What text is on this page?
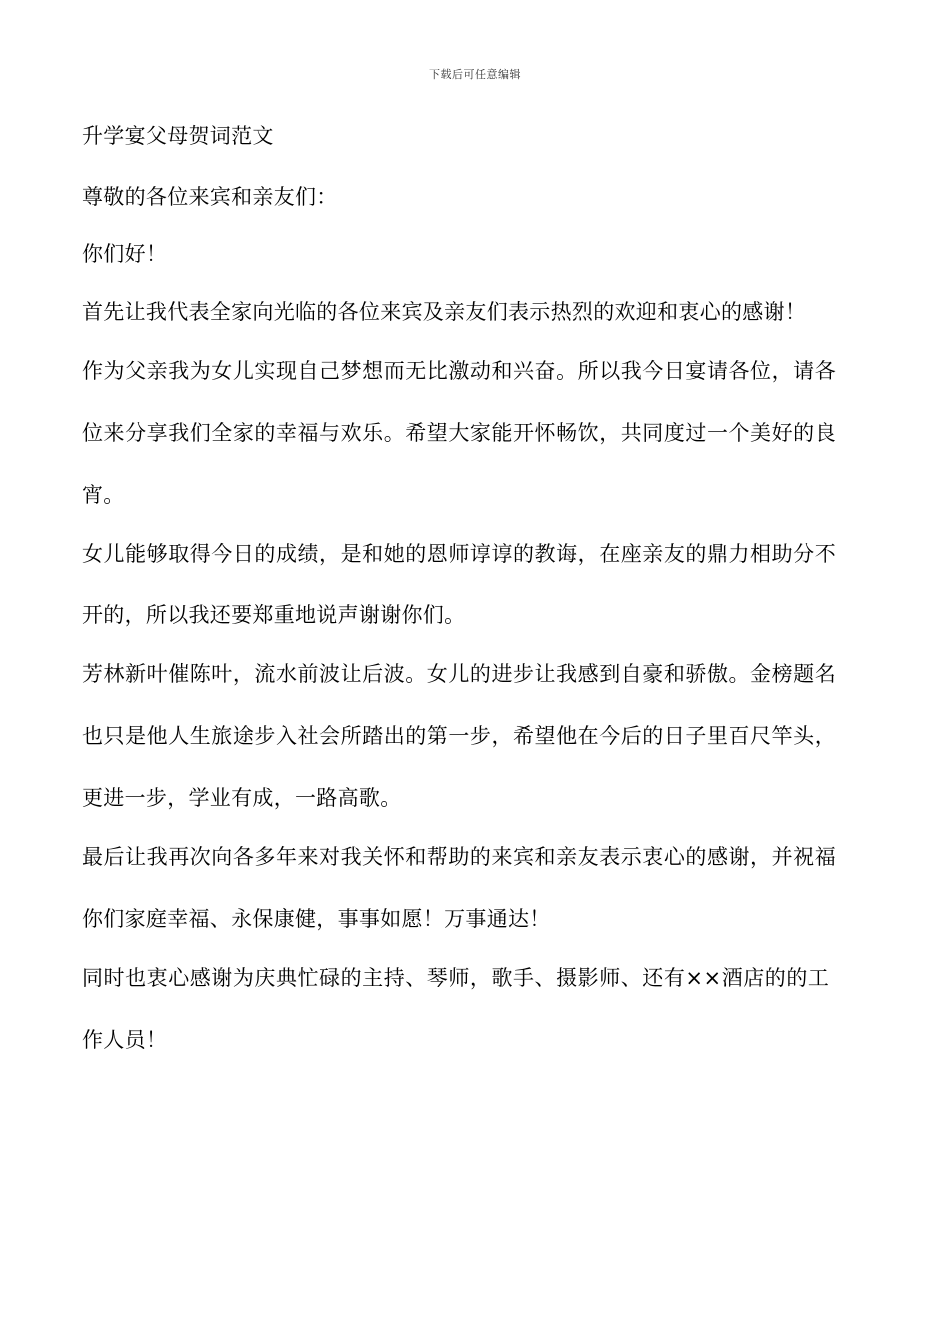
下载后可任意编辑
升学宴父母贺词范文
尊敬的各位来宾和亲友们：
你们好！
首先让我代表全家向光临的各位来宾及亲友们表示热烈的欢迎和衷心的感谢！
作为父亲我为女儿实现自己梦想而无比激动和兴奋。所以我今日宴请各位，请各
位来分享我们全家的幸福与欢乐。希望大家能开怀畅饮，共同度过一个美好的良
宵。
女儿能够取得今日的成绩，是和她的恩师谆谆的教诲，在座亲友的鼎力相助分不
开的，所以我还要郑重地说声谢谢你们。
芳林新叶催陈叶，流水前波让后波。女儿的进步让我感到自豪和骄傲。金榜题名
也只是他人生旅途步入社会所踏出的第一步，希望他在今后的日子里百尺竿头，
更进一步，学业有成，一路高歌。
最后让我再次向各多年来对我关怀和帮助的来宾和亲友表示衷心的感谢，并祝福
你们家庭幸福、永保康健，事事如愿！万事通达！
同时也衷心感谢为庆典忙碌的主持、琴师，歌手、摄影师、还有××酒店的的工
作人员！
